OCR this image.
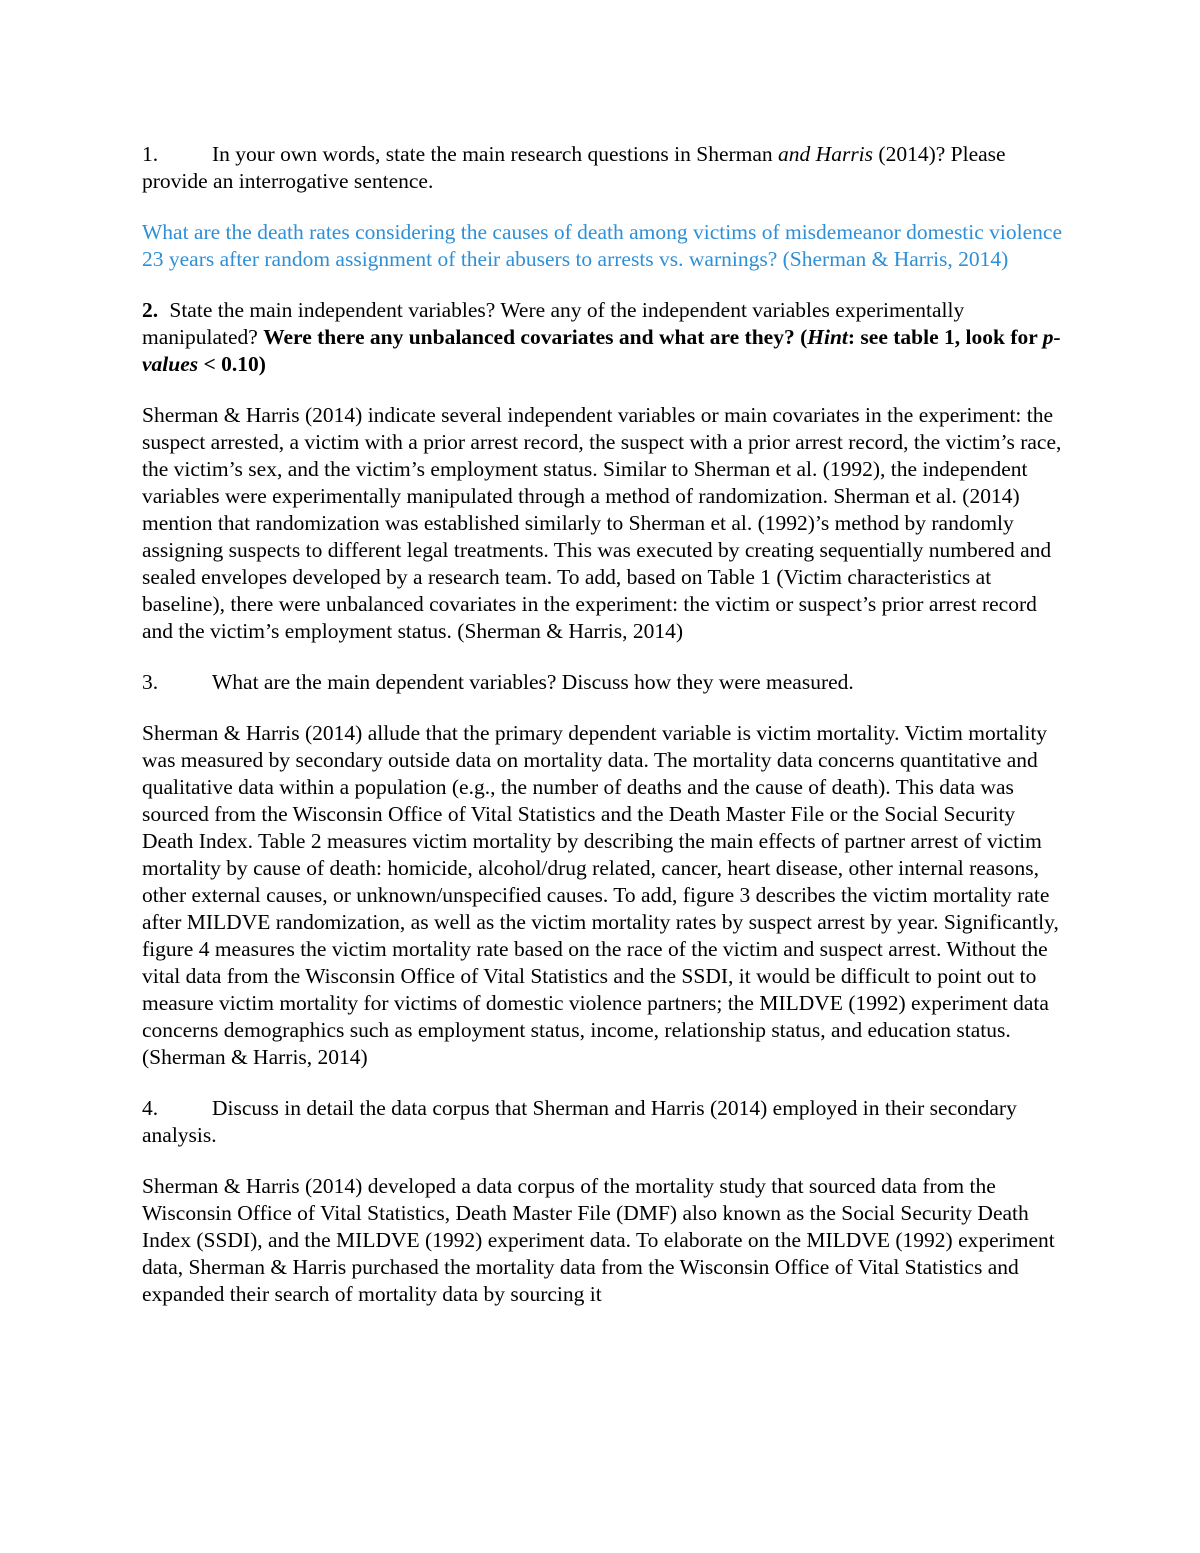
1.	In your own words, state the main research questions in Sherman and Harris (2014)? Please provide an interrogative sentence.

What are the death rates considering the causes of death among victims of misdemeanor domestic violence 23 years after random assignment of their abusers to arrests vs. warnings? (Sherman & Harris, 2014)

2. State the main independent variables? Were any of the independent variables experimentally manipulated? Were there any unbalanced covariates and what are they? (Hint: see table 1, look for p-values < 0.10)

Sherman & Harris (2014) indicate several independent variables or main covariates in the experiment: the suspect arrested, a victim with a prior arrest record, the suspect with a prior arrest record, the victim’s race, the victim’s sex, and the victim’s employment status. Similar to Sherman et al. (1992), the independent variables were experimentally manipulated through a method of randomization. Sherman et al. (2014) mention that randomization was established similarly to Sherman et al. (1992)’s method by randomly assigning suspects to different legal treatments. This was executed by creating sequentially numbered and sealed envelopes developed by a research team. To add, based on Table 1 (Victim characteristics at baseline), there were unbalanced covariates in the experiment: the victim or suspect’s prior arrest record and the victim’s employment status. (Sherman & Harris, 2014)

3.	What are the main dependent variables? Discuss how they were measured.

Sherman & Harris (2014) allude that the primary dependent variable is victim mortality. Victim mortality was measured by secondary outside data on mortality data. The mortality data concerns quantitative and qualitative data within a population (e.g., the number of deaths and the cause of death). This data was sourced from the Wisconsin Office of Vital Statistics and the Death Master File or the Social Security Death Index. Table 2 measures victim mortality by describing the main effects of partner arrest of victim mortality by cause of death: homicide, alcohol/drug related, cancer, heart disease, other internal reasons, other external causes, or unknown/unspecified causes. To add, figure 3 describes the victim mortality rate after MILDVE randomization, as well as the victim mortality rates by suspect arrest by year. Significantly, figure 4 measures the victim mortality rate based on the race of the victim and suspect arrest. Without the vital data from the Wisconsin Office of Vital Statistics and the SSDI, it would be difficult to point out to measure victim mortality for victims of domestic violence partners; the MILDVE (1992) experiment data concerns demographics such as employment status, income, relationship status, and education status. (Sherman & Harris, 2014)

4.	Discuss in detail the data corpus that Sherman and Harris (2014) employed in their secondary analysis.

Sherman & Harris (2014) developed a data corpus of the mortality study that sourced data from the Wisconsin Office of Vital Statistics, Death Master File (DMF) also known as the Social Security Death Index (SSDI), and the MILDVE (1992) experiment data. To elaborate on the MILDVE (1992) experiment data, Sherman & Harris purchased the mortality data from the Wisconsin Office of Vital Statistics and expanded their search of mortality data by sourcing it
